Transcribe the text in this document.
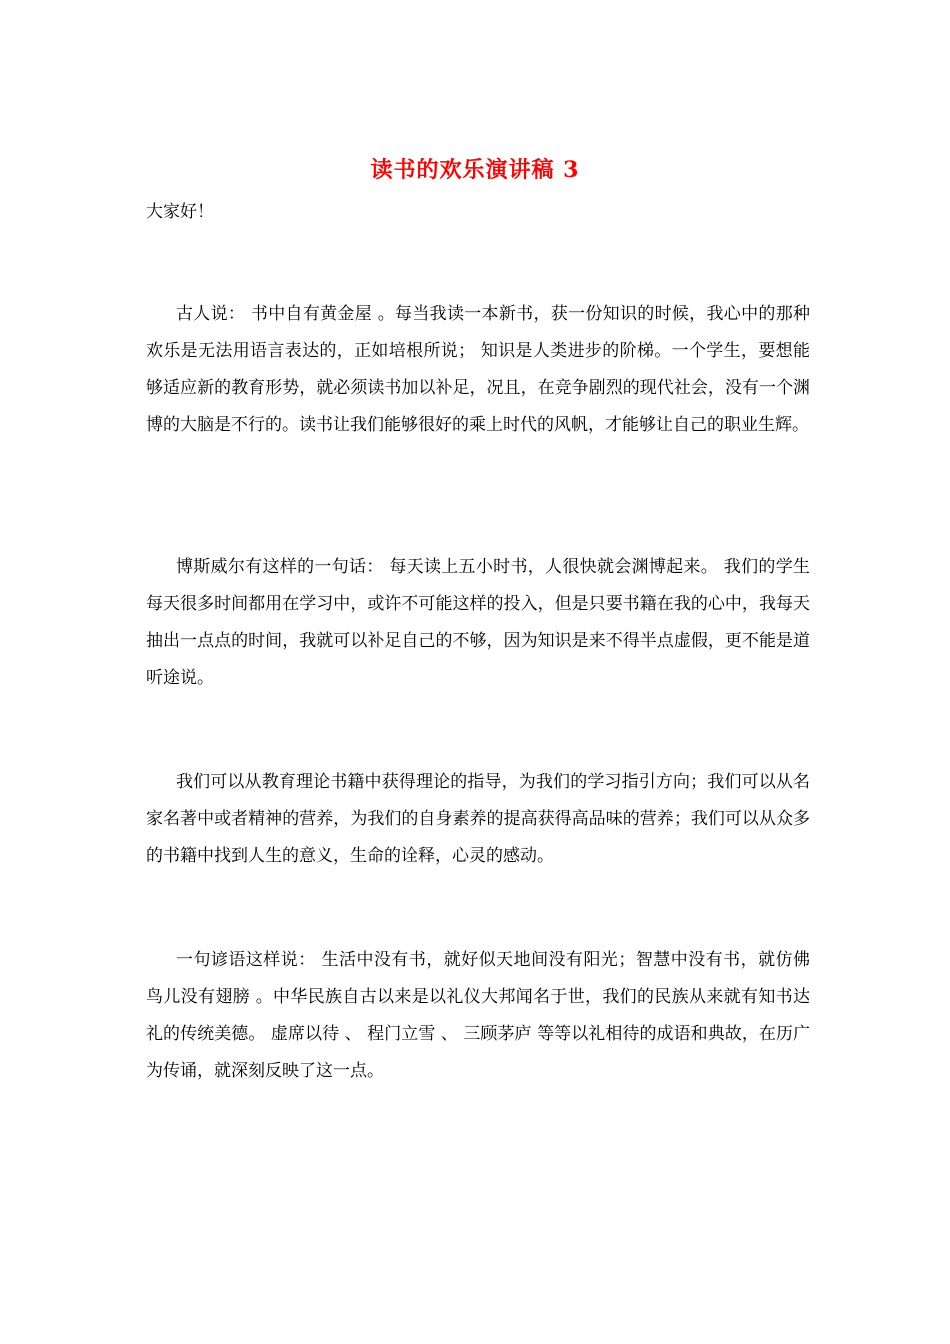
读书的欢乐演讲稿 3
大家好！

古人说： 书中自有黄金屋 。每当我读一本新书，获一份知识的时候，我心中的那种欢乐是无法用语言表达的，正如培根所说； 知识是人类进步的阶梯。一个学生，要想能够适应新的教育形势，就必须读书加以补足，况且，在竞争剧烈的现代社会，没有一个渊博的大脑是不行的。读书让我们能够很好的乘上时代的风帆，才能够让自己的职业生辉。

博斯威尔有这样的一句话： 每天读上五小时书，人很快就会渊博起来。 我们的学生每天很多时间都用在学习中，或许不可能这样的投入，但是只要书籍在我的心中，我每天抽出一点点的时间，我就可以补足自己的不够，因为知识是来不得半点虚假，更不能是道听途说。

我们可以从教育理论书籍中获得理论的指导，为我们的学习指引方向；我们可以从名家名著中或者精神的营养，为我们的自身素养的提高获得高品味的营养；我们可以从众多的书籍中找到人生的意义，生命的诠释，心灵的感动。

一句谚语这样说： 生活中没有书，就好似天地间没有阳光；智慧中没有书，就仿佛鸟儿没有翅膀 。中华民族自古以来是以礼仪大邦闻名于世，我们的民族从来就有知书达礼的传统美德。 虚席以待 、 程门立雪 、 三顾茅庐 等等以礼相待的成语和典故，在历广为传诵，就深刻反映了这一点。
